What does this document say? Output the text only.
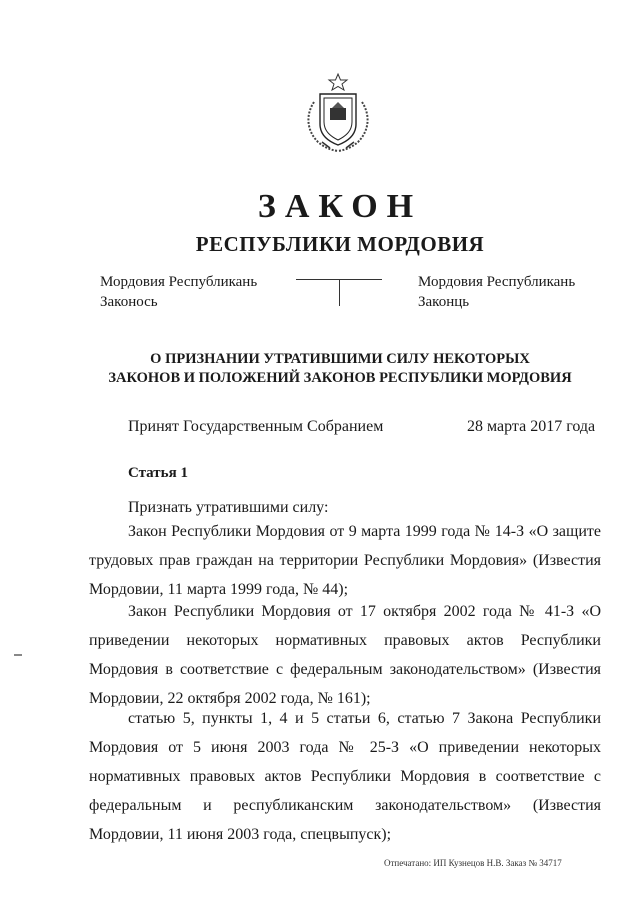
ЗАКОН
РЕСПУБЛИКИ МОРДОВИЯ
Мордовия Республикань
Законось
Мордовия Республикань
Законць
О ПРИЗНАНИИ УТРАТИВШИМИ СИЛУ НЕКОТОРЫХ
ЗАКОНОВ И ПОЛОЖЕНИЙ ЗАКОНОВ РЕСПУБЛИКИ МОРДОВИЯ
Принят Государственным Собранием	28 марта 2017 года
Статья 1

Признать утратившими силу:

Закон Республики Мордовия от 9 марта 1999 года № 14-З «О защите трудовых прав граждан на территории Республики Мордовия» (Известия Мордовии, 11 марта 1999 года, № 44);

Закон Республики Мордовия от 17 октября 2002 года № 41-З «О приведении некоторых нормативных правовых актов Республики Мордовия в соответствие с федеральным законодательством» (Известия Мордовии, 22 октября 2002 года, № 161);

статью 5, пункты 1, 4 и 5 статьи 6, статью 7 Закона Республики Мордовия от 5 июня 2003 года № 25-З «О приведении некоторых нормативных правовых актов Республики Мордовия в соответствие с федеральным и республиканским законодательством» (Известия Мордовии, 11 июня 2003 года, спецвыпуск);

Отпечатано: ИП Кузнецов Н.В. Заказ № 34717
